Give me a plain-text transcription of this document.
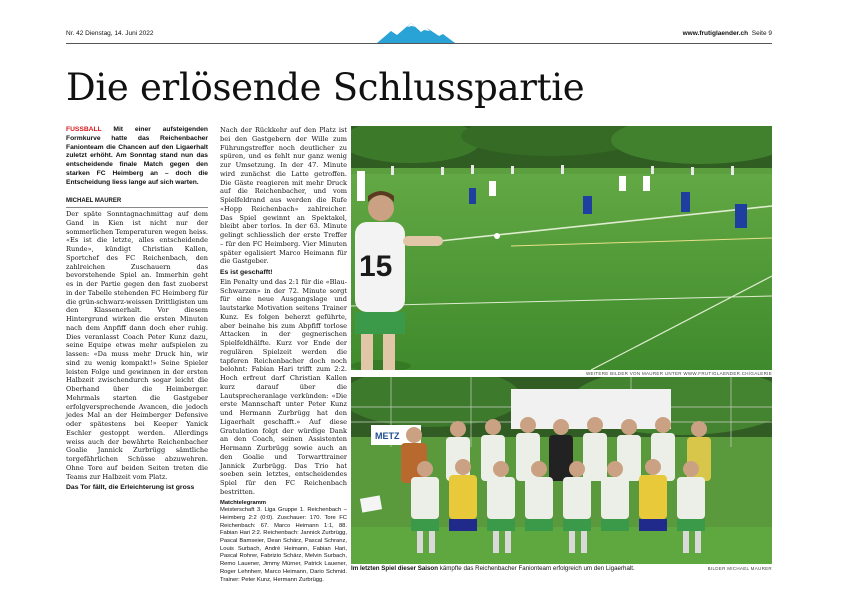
Nr. 42 Dienstag, 14. Juni 2022	www.frutiglaender.ch Seite 9
Die erlösende Schlusspartie
FUSSBALL Mit einer aufsteigenden Formkurve hatte das Reichenbacher Fanionteam die Chancen auf den Ligaerhalt zuletzt erhöht. Am Sonntag stand nun das entscheidende finale Match gegen den starken FC Heimberg an – doch die Entscheidung liess lange auf sich warten.
MICHAEL MAURER

Der späte Sonntagnachmittag auf dem Gand in Kien ist nicht nur der sommerlichen Temperaturen wegen heiss. «Es ist die letzte, alles entscheidende Runde», kündigt Christian Kallen, Sportchef des FC Reichenbach, den zahlreichen Zuschauern das bevorstehende Spiel an. Immerhin geht es in der Partie gegen den fast zuoberst in der Tabelle stehenden FC Heimberg für die grün-schwarz-weissen Drittligisten um den Klassenerhalt. Vor diesem Hintergrund wirken die ersten Minuten nach dem Anpfiff dann doch eher ruhig. Dies veranlasst Coach Peter Kunz dazu, seine Equipe etwas mehr aufspielen zu lassen: «Da muss mehr Druck hin, wir sind zu wenig kompakt!» Seine Spieler leisten Folge und gewinnen in der ersten Halbzeit zwischendurch sogar leicht die Oberhand über die Heimberger. Mehrmals starten die Gastgeber erfolgversprechende Avancen, die jedoch jedes Mal an der Heimberger Defensive oder spätestens bei Keeper Yanick Eschler gestoppt werden. Allerdings weiss auch der bewährte Reichenbacher Goalie Jannick Zurbrügg sämtliche torgefährlichen Schüsse abzuwehren. Ohne Tore auf beiden Seiten treten die Teams zur Halbzeit vom Platz.

Das Tor fällt, die Erleichterung ist gross

Nach der Rückkehr auf den Platz ist bei den Gastgebern der Wille zum Führungstreffer noch deutlicher zu spüren, und es fehlt nur ganz wenig zur Umsetzung. In der 47. Minute wird zunächst die Latte getroffen. Die Gäste reagieren mit mehr Druck auf die Reichenbacher, und vom Spielfeldrand aus werden die Rufe «Hopp Reichenbach» zahlreicher. Das Spiel gewinnt an Spektakel, bleibt aber torlos. In der 63. Minute gelingt schliesslich der erste Treffer – für den FC Heimberg. Vier Minuten später egalisiert Marco Heimann für die Gastgeber.

Es ist geschafft!

Ein Penalty und das 2:1 für die «Blau-Schwarzen» in der 72. Minute sorgt für eine neue Ausgangslage und lautstarke Motivation seitens Trainer Kunz. Es folgen beherzt geführte, aber beinahe bis zum Abpfiff torlose Attacken in der gegnerischen Spielfeldhälfte. Kurz vor Ende der regulären Spielzeit werden die tapferen Reichenbacher doch noch belohnt: Fabian Hari trifft zum 2:2. Hoch erfreut darf Christian Kallen kurz darauf über die Lautsprecheranlage verkünden: «Die erste Mannschaft unter Peter Kunz und Hermann Zurbrügg hat den Ligaerhalt geschafft.» Auf diese Gratulation folgt der würdige Dank an den Coach, seinen Assistenten Hermann Zurbrügg sowie auch an den Goalie und Torwarttrainer Jannick Zurbrügg. Das Trio hat soeben sein letztes, entscheidendes Spiel für den FC Reichenbach bestritten.

Matchtelegramm
Meisterschaft 3. Liga Gruppe 1. Reichenbach – Heimberg 2:2 (0:0). Zuschauer: 170. Tore FC Reichenbach: 67. Marco Heimann 1:1, 88. Fabian Hari 2:2. Reichenbach: Jannick Zurbrügg, Pascal Bamseier, Dean Schärz, Pascal Schranz, Louis Surbach, André Heimann, Fabian Hari, Pascal Rohrer, Fabrizio Schärz, Melvin Surbach, Remo Lauener, Jimmy Mürner, Patrick Lauener, Roger Lehnherr, Marco Heimann, Dario Schmid. Trainer: Peter Kunz, Hermann Zurbrügg.
15
WEITERE BILDER VON MAURER UNTER WWW.FRUTIGLAENDER.CH/GALERIE
METZ
Im letzten Spiel dieser Saison kämpfte das Reichenbacher Fanionteam erfolgreich um den Ligaerhalt.	BILDER MICHAEL MAURER
